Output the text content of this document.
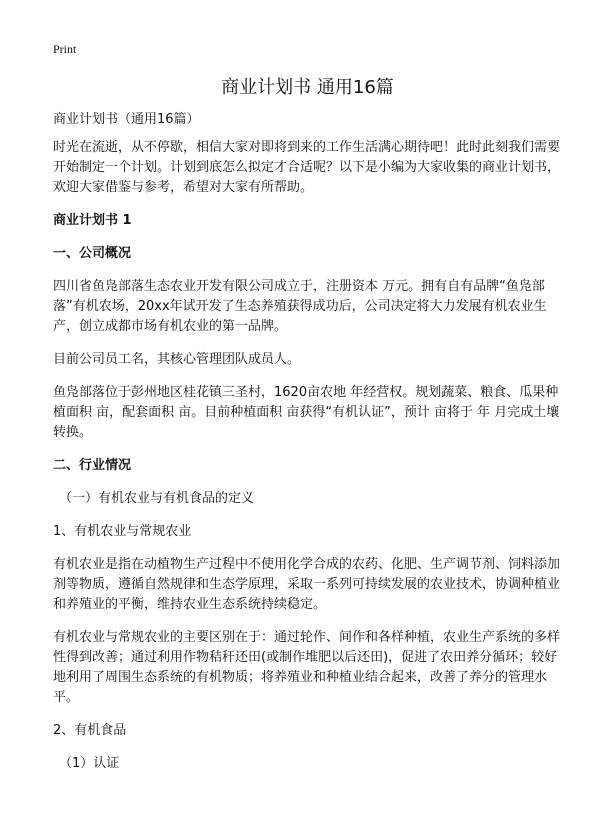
Print
商业计划书 通用16篇
商业计划书（通用16篇）
时光在流逝，从不停歇，相信大家对即将到来的工作生活满心期待吧！此时此刻我们需要开始制定一个计划。计划到底怎么拟定才合适呢？以下是小编为大家收集的商业计划书，欢迎大家借鉴与参考，希望对大家有所帮助。
商业计划书 1
一、公司概况
四川省鱼凫部落生态农业开发有限公司成立于，注册资本 万元。拥有自有品牌“鱼凫部落”有机农场，20xx年试开发了生态养殖获得成功后，公司决定将大力发展有机农业生产，创立成都市场有机农业的第一品牌。
目前公司员工名，其核心管理团队成员人。
鱼凫部落位于彭州地区桂花镇三圣村，1620亩农地 年经营权。规划蔬菜、粮食、瓜果种植面积 亩，配套面积 亩。目前种植面积 亩获得“有机认证”，预计 亩将于 年 月完成土壤转换。
二、行业情况
（一）有机农业与有机食品的定义
1、有机农业与常规农业
有机农业是指在动植物生产过程中不使用化学合成的农药、化肥、生产调节剂、饲料添加剂等物质，遵循自然规律和生态学原理，采取一系列可持续发展的农业技术，协调种植业和养殖业的平衡，维持农业生态系统持续稳定。
有机农业与常规农业的主要区别在于：通过轮作、间作和各样种植，农业生产系统的多样性得到改善；通过利用作物秸秆还田(或制作堆肥以后还田)，促进了农田养分循环；较好地利用了周围生态系统的有机物质；将养殖业和种植业结合起来，改善了养分的管理水平。
2、有机食品
（1）认证
